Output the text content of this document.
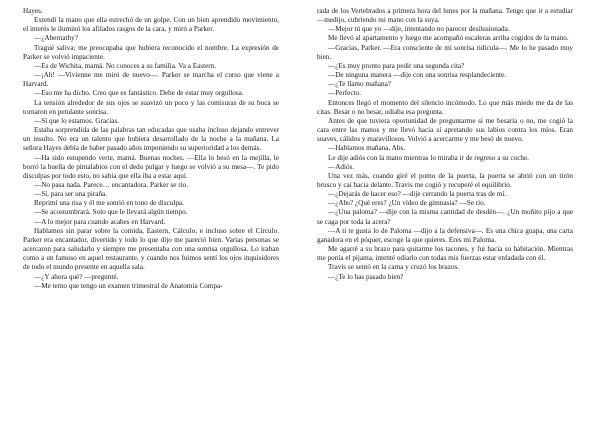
Hayes.

Extendí la mano que ella estrechó de un golpe. Con un bien aprendido movimiento, el interés le iluminó los afilados rasgos de la cara, y miró a Parker.

—¿Abernathy?

Tragué saliva; me preocupaba que hubiera reconocido el nombre. La expresión de Parker se volvió impaciente.

—Es de Wichita, mamá. No conoces a su familia. Va a Eastern.

—¡Ah! —Vivienne me miró de nuevo—. Parker se marcha el curso que viene a Harvard.

—Eso me ha dicho. Creo que es fantástico. Debe de estar muy orgullosa.

La tensión alrededor de sus ojos se suavizó un poco y las comisuras de su boca se tornaron en petulante sonrisa.

—Sí que lo estamos. Gracias.

Estaba sorprendida de las palabras tan educadas que usaba incluso dejando entrever un insulto. No era un talento que hubiera desarrollado de la noche a la mañana. La señora Hayes debía de haber pasado años imponiendo su superioridad a los demás.

—Ha sido estupendo verte, mamá. Buenas noches. —Ella lo besó en la mejilla, le borró la huella de pintalabios con el dedo pulgar y luego se volvió a su mesa—. Te pido disculpas por todo esto, no sabía que ella iba a estar aquí.

—No pasa nada. Parece… encantadora. Parker se rio.

—Sí, para ser una piraña.

Reprimí una risa y él me sonrió en tono de disculpa.

—Se acostumbrará. Solo que le llevará algún tiempo.

—A lo mejor para cuando acabes en Harvard.

Hablamos sin parar sobre la comida, Eastern, Cálculo, e incluso sobre el Círculo. Parker era encantador, divertido y todo lo que dijo me pareció bien. Varias personas se acercaron para saludarlo y siempre me presentaba con una sonrisa orgullosa. Lo iraban como a un famoso en aquel restaurante, y cuando nos fuimos sentí los ojos inquisidores de todo el mundo presente en aquella sala.

—¿Y ahora qué? —pregunté.

—Me temo que tengo un examen trimestral de Anatomía Compa-

rada de los Vertebrados a primera hora del lunes por la mañana. Tengo que ir a estudiar —medijo, cubriendo mi mano con la suya.

—Mejor tú que yo —dije, intentando no parecer desilusionada.

Me llevó al apartamento y luego me acompañó escaleras arriba cogidos de la mano.

—Gracias, Parker. —Era consciente de mi sonrisa ridícula—. Me lo he pasado muy bien.

—¿Es muy pronto para pedir una segunda cita?

—De ninguna manera —dije con una sonrisa resplandeciente.

—¿Te llamo mañana?

—Perfecto.

Entonces llegó el momento del silencio incómodo. Lo que más miedo me da de las citas. Besar o no besar, odiaba esa pregunta.

Antes de que tuviera oportunidad de preguntarme si me besaría o no, me cogió la cara entre las manos y me llevó hacia sí apretando sus labios contra los míos. Eran suaves, cálidos y maravillosos. Volvió a acercarme y me besó de nuevo.

—Hablamos mañana, Abs.

Le dije adiós con la mano mientras lo miraba ir de regreso a su coche.

—Adiós.

Una vez más, cuando giré el pomo de la puerta, la puerta se abrió con un tirón brusco y caí hacia delante. Travis me cogió y recuperé el equilibrio.

—¿Dejarás de hacer eso? —dije cerrando la puerta tras de mí.

—¿Abs? ¿Qué eres? ¿Un vídeo de gimnasia? —Se rio.

—¿Una paloma? —dije con la misma cantidad de desdén—. ¿Un moñito pijo a que se caga por toda la acera?

—A ti te gusta lo de Paloma —dijo a la defensiva—. Es una chica guapa, una carta ganadora en el póquer, escoge la que quieres. Eres mi Paloma.

Me agarré a su brazo para quitarme los tacones, y fui hacia su habitación. Mientras me ponía el pijama, intenté odiarlo con todas mis fuerzas estar enfadada con él.

Travis se sentó en la cama y cruzó los brazos.

—¿Te lo has pasado bien?
